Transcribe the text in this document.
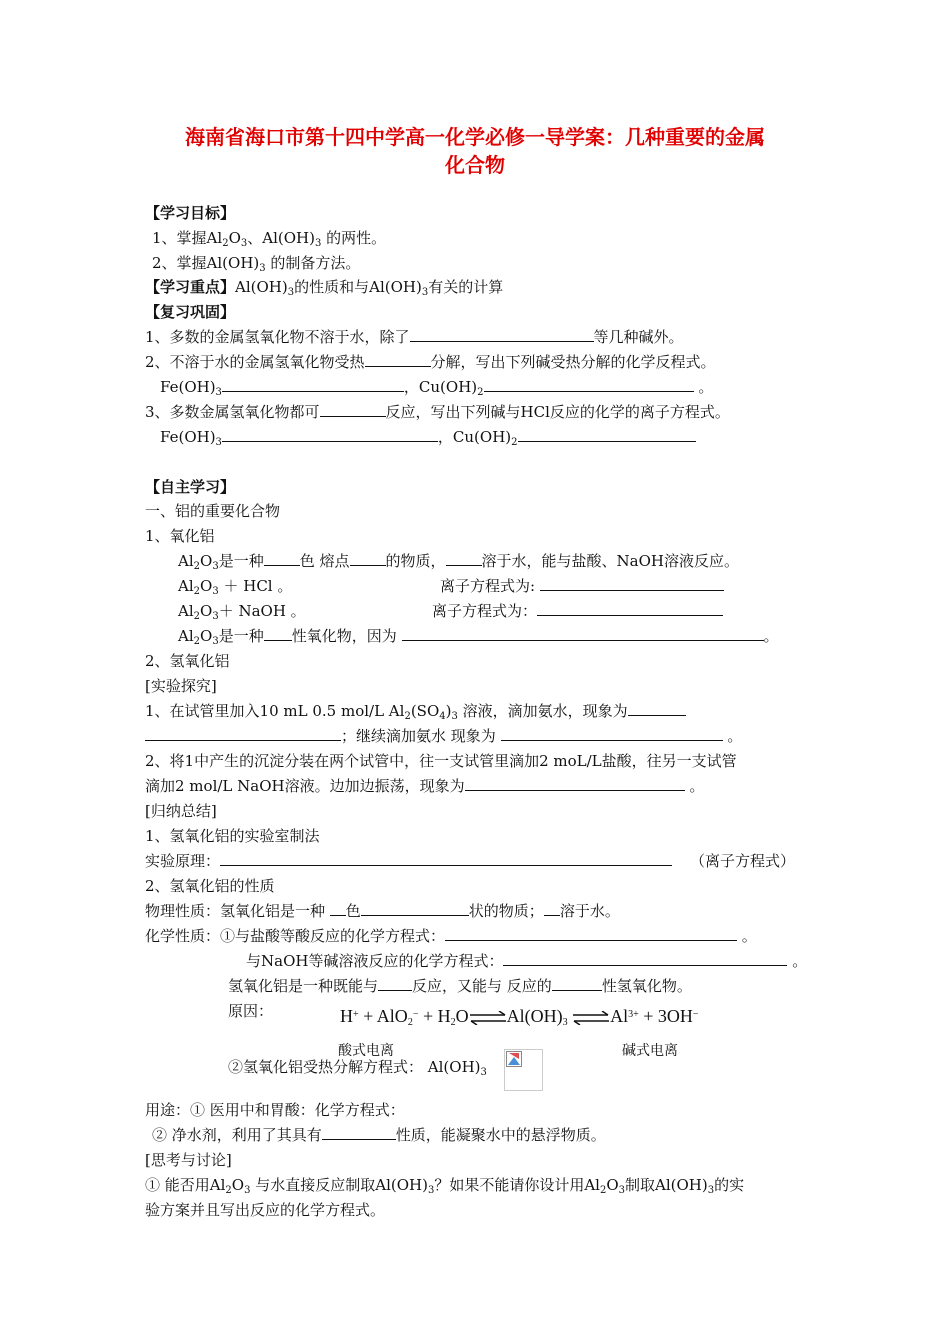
海南省海口市第十四中学高一化学必修一导学案：几种重要的金属
化合物
【学习目标】
1、掌握$Al_2O_3$、$Al(OH)_3$ 的两性。
2、掌握$Al(OH)_3$ 的制备方法。
【学习重点】$Al(OH)_3$的性质和与$Al(OH)_3$有关的计算
【复习巩固】
1、多数的金属氢氧化物不溶于水，除了	等几种碱外。
2、不溶于水的金属氢氧化物受热	分解，写出下列碱受热分解的化学反程式。
$Fe(OH)_3$	，$Cu(OH)_2$	。
3、多数金属氢氧化物都可	反应，写出下列碱与HCl反应的化学的离子方程式。
$Fe(OH)_3$	，$Cu(OH)_2$
【自主学习】
一、铝的重要化合物
1、氧化铝
$Al_2O_3$是一种 色 熔点 的物质， 溶于水，能与盐酸、NaOH溶液反应。
$Al_2O_3$ ＋ HCl 。	离子方程式为:
$Al_2O_3+$ NaOH 。	离子方程式为：
$Al_2O_3$是一种 性氧化物，因为	。
2、氢氧化铝
[实验探究]
1、在试管里加入10 mL 0.5 mol/L $Al_2(SO_4)_3$ 溶液，滴加氨水，现象为
；继续滴加氨水 现象为	。
2、将1中产生的沉淀分装在两个试管中，往一支试管里滴加2 moL/L盐酸，往另一支试管
滴加2 mol/L NaOH溶液。边加边振荡，现象为	。
[归纳总结]
1、氢氧化铝的实验室制法
实验原理：	（离子方程式）
2、氢氧化铝的性质
物理性质：氢氧化铝是一种 色	状的物质； 溶于水。
化学性质：①与盐酸等酸反应的化学方程式：	。
与NaOH等碱溶液反应的化学方程式：	。
氢氧化铝是一种既能与 反应，又能与 反应的	性氢氧化物。
原因：	$H^+ + AlO_2^- + H_2O\rightleftharpoons Al(OH)_3$ $\rightleftharpoons Al^{3+} + 3OH^-$
酸式电离	碱式电离
②氢氧化铝受热分解方程式： $Al(OH)_3$
用途：① 医用中和胃酸：化学方程式：
② 净水剂，利用了其具有	性质，能凝聚水中的悬浮物质。
[思考与讨论]
① 能否用$Al_2O_3$ 与水直接反应制取$Al(OH)_3$？如果不能请你设计用$Al_2O_3$制取$Al(OH)_3$的实
验方案并且写出反应的化学方程式。
